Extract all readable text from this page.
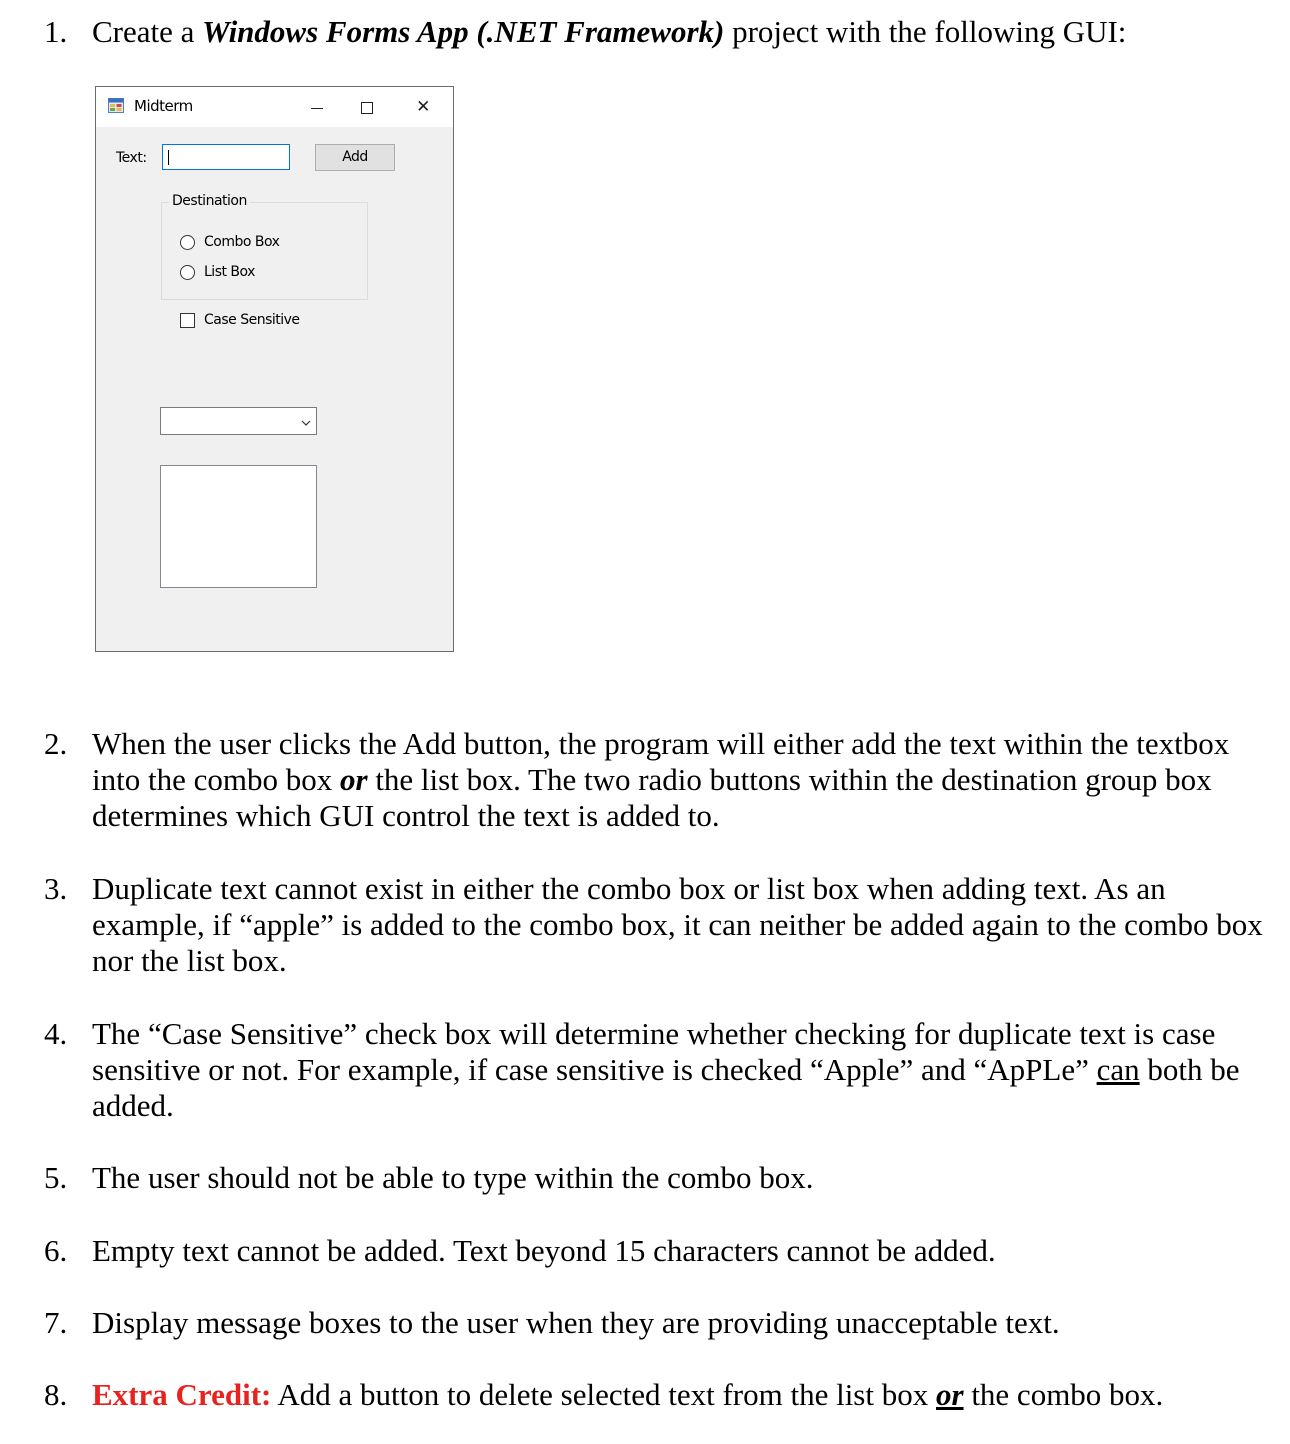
1. Create a Windows Forms App (.NET Framework) project with the following GUI:
Midterm	✕
Text:	Add
Destination
Combo Box
List Box
Case Sensitive
2. When the user clicks the Add button, the program will either add the text within the textbox into the combo box or the list box. The two radio buttons within the destination group box determines which GUI control the text is added to.
3. Duplicate text cannot exist in either the combo box or list box when adding text. As an example, if “apple” is added to the combo box, it can neither be added again to the combo box nor the list box.
4. The “Case Sensitive” check box will determine whether checking for duplicate text is case sensitive or not. For example, if case sensitive is checked “Apple” and “ApPLe” can both be added.
5. The user should not be able to type within the combo box.
6. Empty text cannot be added. Text beyond 15 characters cannot be added.
7. Display message boxes to the user when they are providing unacceptable text.
8. Extra Credit: Add a button to delete selected text from the list box or the combo box.
